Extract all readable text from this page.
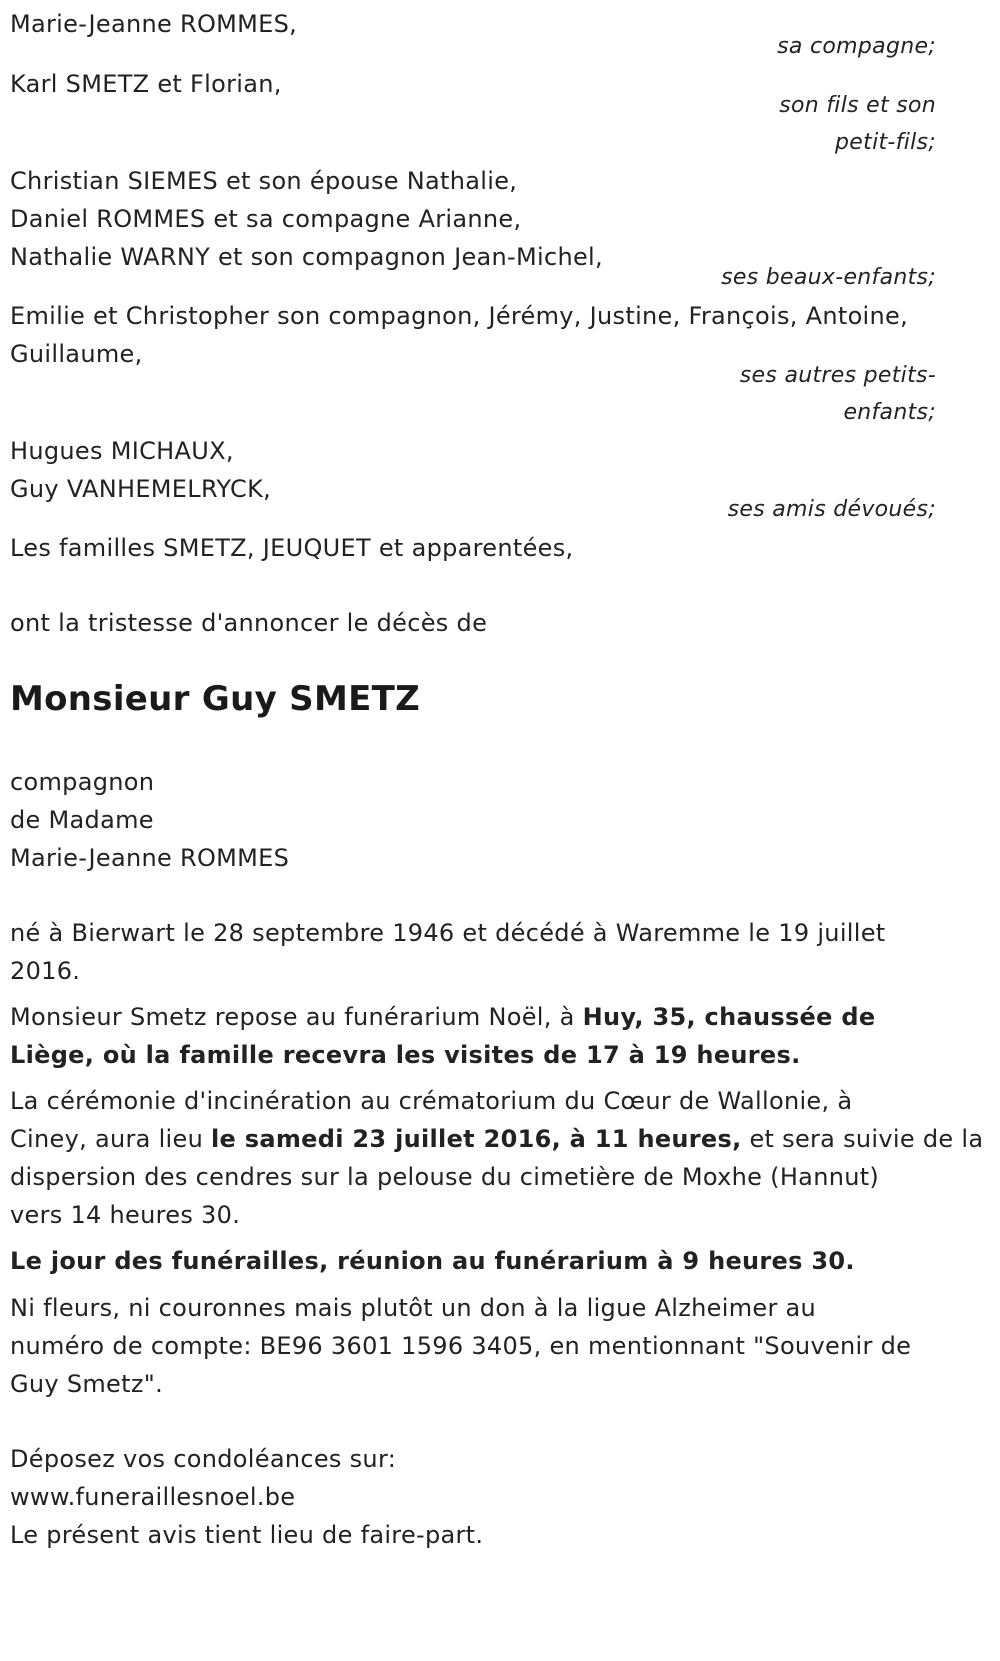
Marie-Jeanne ROMMES,
sa compagne;
Karl SMETZ et Florian,
son fils et son
petit-fils;
Christian SIEMES et son épouse Nathalie,
Daniel ROMMES et sa compagne Arianne,
Nathalie WARNY et son compagnon Jean-Michel,
ses beaux-enfants;
Emilie et Christopher son compagnon, Jérémy, Justine, François, Antoine,
Guillaume,
ses autres petits-
enfants;
Hugues MICHAUX,
Guy VANHEMELRYCK,
ses amis dévoués;
Les familles SMETZ, JEUQUET et apparentées,
ont la tristesse d'annoncer le décès de
Monsieur Guy SMETZ
compagnon
de Madame
Marie-Jeanne ROMMES
né à Bierwart le 28 septembre 1946 et décédé à Waremme le 19 juillet
2016.
Monsieur Smetz repose au funérarium Noël, à Huy, 35, chaussée de
Liège, où la famille recevra les visites de 17 à 19 heures.
La cérémonie d'incinération au crématorium du Cœur de Wallonie, à
Ciney, aura lieu le samedi 23 juillet 2016, à 11 heures, et sera suivie de la
dispersion des cendres sur la pelouse du cimetière de Moxhe (Hannut)
vers 14 heures 30.
Le jour des funérailles, réunion au funérarium à 9 heures 30.
Ni fleurs, ni couronnes mais plutôt un don à la ligue Alzheimer au
numéro de compte: BE96 3601 1596 3405, en mentionnant "Souvenir de
Guy Smetz".
Déposez vos condoléances sur:
www.funeraillesnoel.be
Le présent avis tient lieu de faire-part.
